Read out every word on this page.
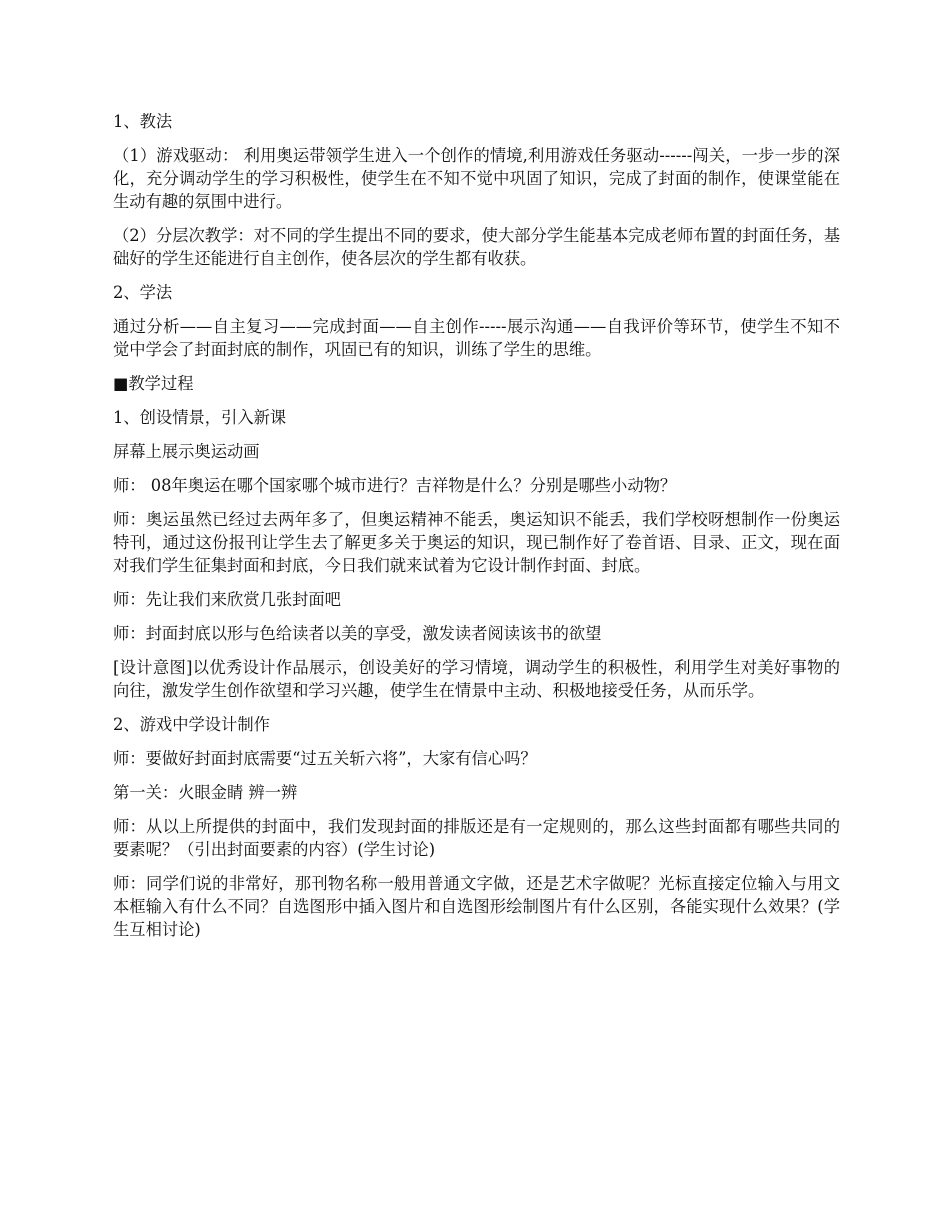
1、教法

（1）游戏驱动： 利用奥运带领学生进入一个创作的情境,利用游戏任务驱动------闯关，一步一步的深化，充分调动学生的学习积极性，使学生在不知不觉中巩固了知识，完成了封面的制作，使课堂能在生动有趣的氛围中进行。

（2）分层次教学：对不同的学生提出不同的要求，使大部分学生能基本完成老师布置的封面任务，基础好的学生还能进行自主创作，使各层次的学生都有收获。

2、学法

通过分析——自主复习——完成封面——自主创作-----展示沟通——自我评价等环节，使学生不知不觉中学会了封面封底的制作，巩固已有的知识，训练了学生的思维。

■教学过程

1、创设情景，引入新课

屏幕上展示奥运动画

师： 08年奥运在哪个国家哪个城市进行？吉祥物是什么？分别是哪些小动物？

师：奥运虽然已经过去两年多了，但奥运精神不能丢，奥运知识不能丢，我们学校呀想制作一份奥运特刊，通过这份报刊让学生去了解更多关于奥运的知识，现已制作好了卷首语、目录、正文，现在面对我们学生征集封面和封底，今日我们就来试着为它设计制作封面、封底。

师：先让我们来欣赏几张封面吧

师：封面封底以形与色给读者以美的享受，激发读者阅读该书的欲望

[设计意图]以优秀设计作品展示，创设美好的学习情境，调动学生的积极性，利用学生对美好事物的向往，激发学生创作欲望和学习兴趣，使学生在情景中主动、积极地接受任务，从而乐学。

2、游戏中学设计制作

师：要做好封面封底需要“过五关斩六将”，大家有信心吗？

第一关：火眼金睛 辨一辨

师：从以上所提供的封面中，我们发现封面的排版还是有一定规则的，那么这些封面都有哪些共同的要素呢？（引出封面要素的内容）(学生讨论)

师：同学们说的非常好，那刊物名称一般用普通文字做，还是艺术字做呢？光标直接定位输入与用文本框输入有什么不同？自选图形中插入图片和自选图形绘制图片有什么区别，各能实现什么效果？(学生互相讨论)
